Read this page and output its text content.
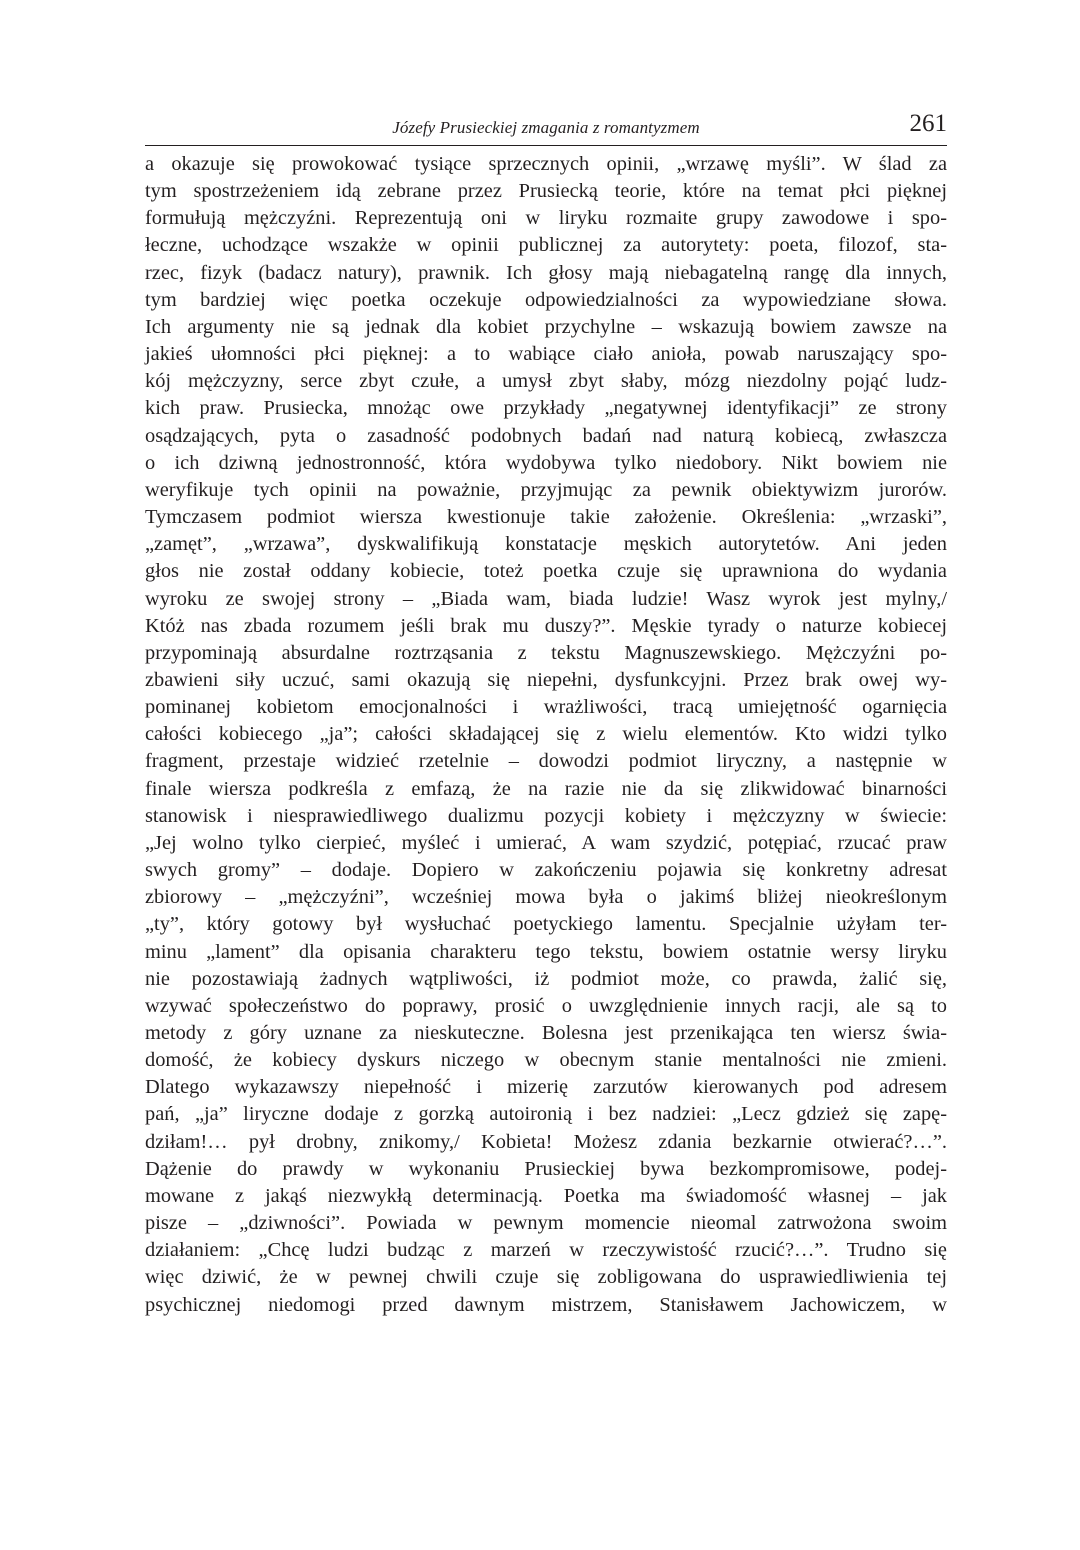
Józefy Prusieckiej zmagania z romantyzmem	261
a okazuje się prowokować tysiące sprzecznych opinii, „wrzawę myśli”. W ślad za
tym spostrzeżeniem idą zebrane przez Prusiecką teorie, które na temat płci pięknej
formułują mężczyźni. Reprezentują oni w liryku rozmaite grupy zawodowe i spo-
łeczne, uchodzące wszakże w opinii publicznej za autorytety: poeta, filozof, sta-
rzec, fizyk (badacz natury), prawnik. Ich głosy mają niebagatelną rangę dla innych,
tym bardziej więc poetka oczekuje odpowiedzialności za wypowiedziane słowa.
Ich argumenty nie są jednak dla kobiet przychylne – wskazują bowiem zawsze na
jakieś ułomności płci pięknej: a to wabiące ciało anioła, powab naruszający spo-
kój mężczyzny, serce zbyt czułe, a umysł zbyt słaby, mózg niezdolny pojąć ludz-
kich praw. Prusiecka, mnożąc owe przykłady „negatywnej identyfikacji” ze strony
osądzających, pyta o zasadność podobnych badań nad naturą kobiecą, zwłaszcza
o ich dziwną jednostronność, która wydobywa tylko niedobory. Nikt bowiem nie
weryfikuje tych opinii na poważnie, przyjmując za pewnik obiektywizm jurorów.
Tymczasem podmiot wiersza kwestionuje takie założenie. Określenia: „wrzaski”,
„zamęt”, „wrzawa”, dyskwalifikują konstatacje męskich autorytetów. Ani jeden
głos nie został oddany kobiecie, toteż poetka czuje się uprawniona do wydania
wyroku ze swojej strony – „Biada wam, biada ludzie! Wasz wyrok jest mylny,/
Któż nas zbada rozumem jeśli brak mu duszy?”. Męskie tyrady o naturze kobiecej
przypominają absurdalne roztrząsania z tekstu Magnuszewskiego. Mężczyźni po-
zbawieni siły uczuć, sami okazują się niepełni, dysfunkcyjni. Przez brak owej wy-
pominanej kobietom emocjonalności i wrażliwości, tracą umiejętność ogarnięcia
całości kobiecego „ja”; całości składającej się z wielu elementów. Kto widzi tylko
fragment, przestaje widzieć rzetelnie – dowodzi podmiot liryczny, a następnie w
finale wiersza podkreśla z emfazą, że na razie nie da się zlikwidować binarności
stanowisk i niesprawiedliwego dualizmu pozycji kobiety i mężczyzny w świecie:
„Jej wolno tylko cierpieć, myśleć i umierać, A wam szydzić, potępiać, rzucać praw
swych gromy” – dodaje. Dopiero w zakończeniu pojawia się konkretny adresat
zbiorowy – „mężczyźni”, wcześniej mowa była o jakimś bliżej nieokreślonym
„ty”, który gotowy był wysłuchać poetyckiego lamentu. Specjalnie użyłam ter-
minu „lament” dla opisania charakteru tego tekstu, bowiem ostatnie wersy liryku
nie pozostawiają żadnych wątpliwości, iż podmiot może, co prawda, żalić się,
wzywać społeczeństwo do poprawy, prosić o uwzględnienie innych racji, ale są to
metody z góry uznane za nieskuteczne. Bolesna jest przenikająca ten wiersz świa-
domość, że kobiecy dyskurs niczego w obecnym stanie mentalności nie zmieni.
Dlatego wykazawszy niepełność i mizerię zarzutów kierowanych pod adresem
pań, „ja” liryczne dodaje z gorzką autoironią i bez nadziei: „Lecz gdzież się zapę-
dziłam!… pył drobny, znikomy,/ Kobieta! Możesz zdania bezkarnie otwierać?…”.
Dążenie do prawdy w wykonaniu Prusieckiej bywa bezkompromisowe, podej-
mowane z jakąś niezwykłą determinacją. Poetka ma świadomość własnej – jak
pisze – „dziwności”. Powiada w pewnym momencie nieomal zatrwożona swoim
działaniem: „Chcę ludzi budząc z marzeń w rzeczywistość rzucić?…”. Trudno się
więc dziwić, że w pewnej chwili czuje się zobligowana do usprawiedliwienia tej
psychicznej niedomogi przed dawnym mistrzem, Stanisławem Jachowiczem, w
